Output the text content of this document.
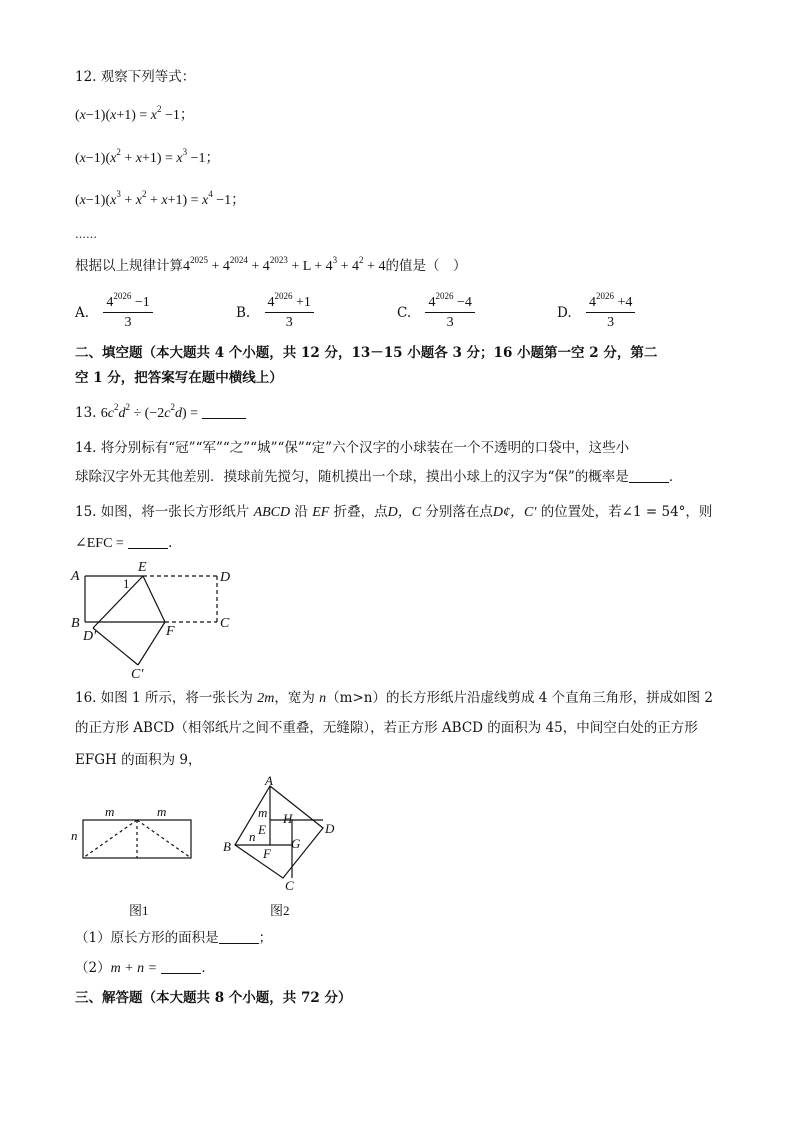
12. 观察下列等式：
$(x-1)(x+1) = x^2 -1$；
$(x-1)(x^2 + x+1) = x^3 -1$；
$(x-1)(x^3 + x^2 + x+1) = x^4 -1$；
……
根据以上规律计算$4^{2025} + 4^{2024} + 4^{2023} + L + 4^3 + 4^2 + 4$的值是（　）
A. $\frac{4^{2026} -1}{3}$	B. $\frac{4^{2026} +1}{3}$	C. $\frac{4^{2026} -4}{3}$	D. $\frac{4^{2026} +4}{3}$
二、填空题（本大题共 4 个小题，共 12 分，13－15 小题各 3 分；16 小题第一空 2 分，第二
空 1 分，把答案写在题中横线上）
13. $6c^2d^2 \div (-2c^2d)$ =
14. 将分别标有“冠”“军”“之”“城”“保”“定”六个汉字的小球装在一个不透明的口袋中，这些小
球除汉字外无其他差别．摸球前先搅匀，随机摸出一个球，摸出小球上的汉字为“保”的概率是	．
15. 如图，将一张长方形纸片 ABCD 沿 EF 折叠，点D，C 分别落在点D¢，C′ 的位置处，若∠1 = 54°，则
∠EFC =	．
A
B	C
D
E
F
D′
C′
1
16. 如图 1 所示，将一张长为 2m，宽为 n（m>n）的长方形纸片沿虚线剪成 4 个直角三角形，拼成如图 2
的正方形 ABCD（相邻纸片之间不重叠，无缝隙），若正方形 ABCD 的面积为 45，中间空白处的正方形
EFGH 的面积为 9，
m	m
n
图1
A
B
C
D
E
F
G
H
m
n
图2
（1）原长方形的面积是	；
（2）m + n =	．
三、解答题（本大题共 8 个小题，共 72 分）
